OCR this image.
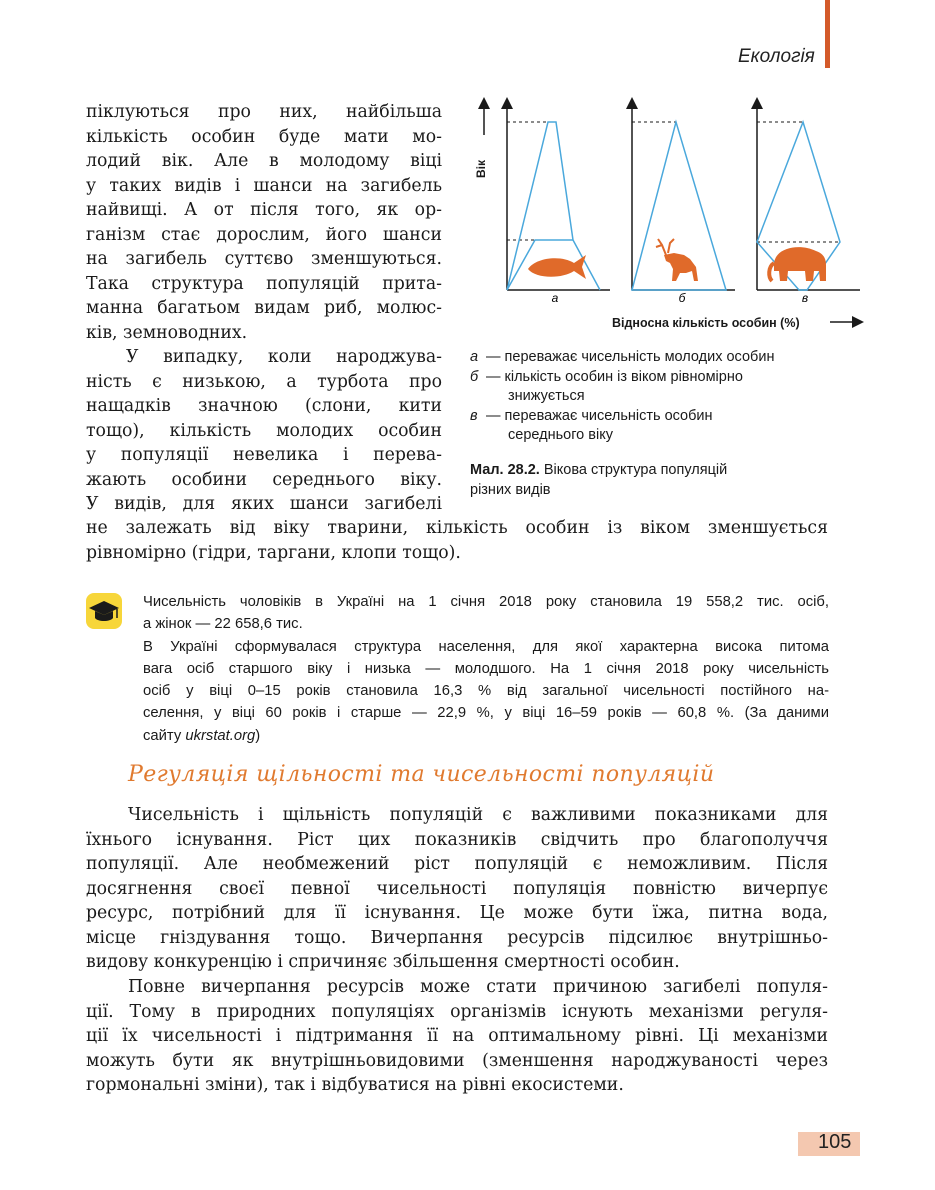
Екологія
піклуються про них, найбільша
кількість особин буде мати мо-
лодий вік. Але в молодому віці
у таких видів і шанси на загибель
найвищі. А от після того, як ор-
ганізм стає дорослим, його шанси
на загибель суттєво зменшуються.
Така структура популяцій прита-
манна багатьом видам риб, молюс-
ків, земноводних.
У випадку, коли народжува-
ність є низькою, а турбота про
нащадків значною (слони, кити
тощо), кількість молодих особин
у популяції невелика і перева-
жають особини середнього віку.
У видів, для яких шанси загибелі
не залежать від віку тварини, кількість особин із віком зменшується
рівномірно (гідри, таргани, клопи тощо).
а	б	в
Вік
Відносна кількість особин (%)
а — переважає чисельність молодих особин
б — кількість особин із віком рівномірно
знижується
в — переважає чисельність особин
середнього віку
Мал. 28.2. Вікова структура популяцій
різних видів
Чисельність чоловіків в Україні на 1 січня 2018 року становила 19 558,2 тис. осіб,
а жінок — 22 658,6 тис.
В Україні сформувалася структура населення, для якої характерна висока питома
вага осіб старшого віку і низька — молодшого. На 1 січня 2018 року чисельність
осіб у віці 0–15 років становила 16,3 % від загальної чисельності постійного на-
селення, у віці 60 років і старше — 22,9 %, у віці 16–59 років — 60,8 %. (За даними
сайту ukrstat.org)
Регуляція щільності та чисельності популяцій
Чисельність і щільність популяцій є важливими показниками для
їхнього існування. Ріст цих показників свідчить про благополуччя
популяції. Але необмежений ріст популяцій є неможливим. Після
досягнення своєї певної чисельності популяція повністю вичерпує
ресурс, потрібний для її існування. Це може бути їжа, питна вода,
місце гніздування тощо. Вичерпання ресурсів підсилює внутрішньо-
видову конкуренцію і спричиняє збільшення смертності особин.
Повне вичерпання ресурсів може стати причиною загибелі популя-
ції. Тому в природних популяціях організмів існують механізми регуля-
ції їх чисельності і підтримання її на оптимальному рівні. Ці механізми
можуть бути як внутрішньовидовими (зменшення народжуваності через
гормональні зміни), так і відбуватися на рівні екосистеми.
105
